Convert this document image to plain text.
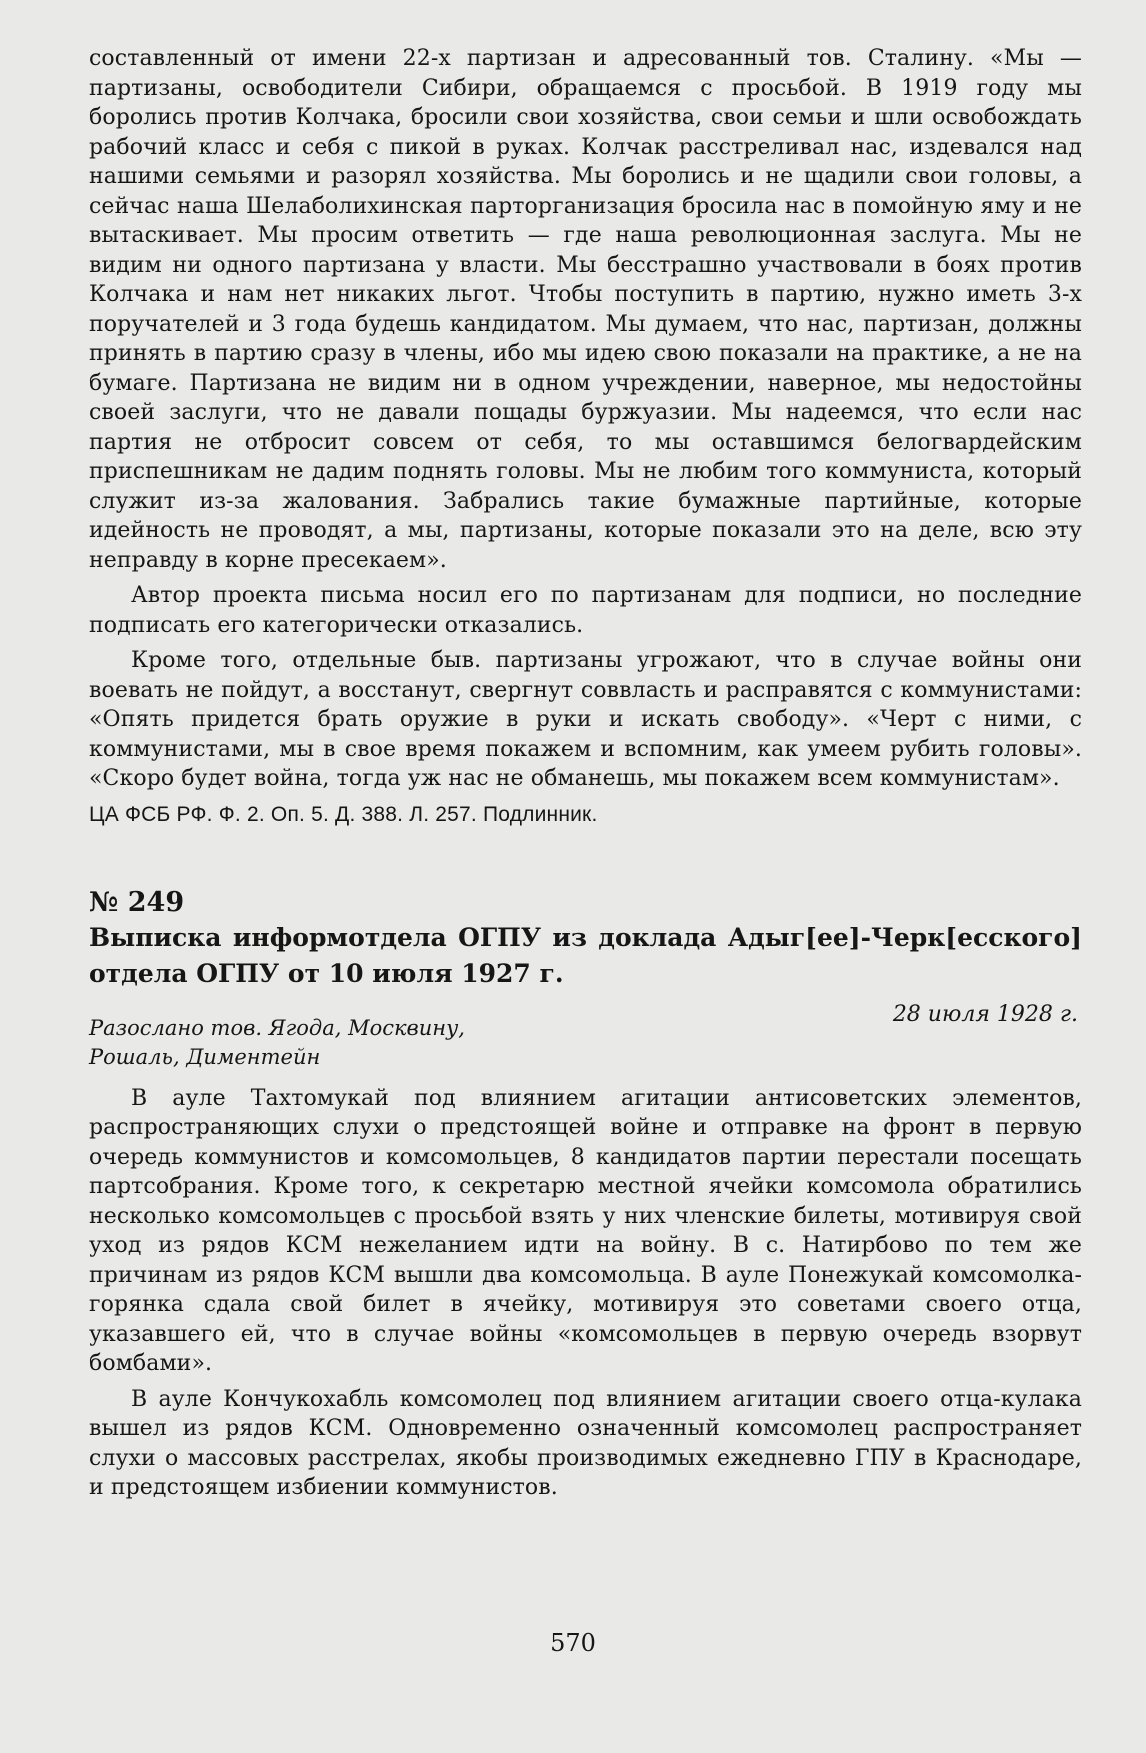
составленный от имени 22-х партизан и адресованный тов. Сталину. «Мы — партизаны, освободители Сибири, обращаемся с просьбой. В 1919 году мы боролись против Колчака, бросили свои хозяйства, свои семьи и шли освобождать рабочий класс и себя с пикой в руках. Колчак расстреливал нас, издевался над нашими семьями и разорял хозяйства. Мы боролись и не щадили свои головы, а сейчас наша Шелаболихинская парторганизация бросила нас в помойную яму и не вытаскивает. Мы просим ответить — где наша революционная заслуга. Мы не видим ни одного партизана у власти. Мы бесстрашно участвовали в боях против Колчака и нам нет никаких льгот. Чтобы поступить в партию, нужно иметь 3-х поручателей и 3 года будешь кандидатом. Мы думаем, что нас, партизан, должны принять в партию сразу в члены, ибо мы идею свою показали на практике, а не на бумаге. Партизана не видим ни в одном учреждении, наверное, мы недостойны своей заслуги, что не давали пощады буржуазии. Мы надеемся, что если нас партия не отбросит совсем от себя, то мы оставшимся белогвардейским приспешникам не дадим поднять головы. Мы не любим того коммуниста, который служит из-за жалования. Забрались такие бумажные партийные, которые идейность не проводят, а мы, партизаны, которые показали это на деле, всю эту неправду в корне пресекаем».

Автор проекта письма носил его по партизанам для подписи, но последние подписать его категорически отказались.

Кроме того, отдельные быв. партизаны угрожают, что в случае войны они воевать не пойдут, а восстанут, свергнут соввласть и расправятся с коммунистами: «Опять придется брать оружие в руки и искать свободу». «Черт с ними, с коммунистами, мы в свое время покажем и вспомним, как умеем рубить головы». «Скоро будет война, тогда уж нас не обманешь, мы покажем всем коммунистам».

ЦА ФСБ РФ. Ф. 2. Оп. 5. Д. 388. Л. 257. Подлинник.
№ 249
Выписка информотдела ОГПУ из доклада Адыг[ее]-Черк[есского] отдела ОГПУ от 10 июля 1927 г.
28 июля 1928 г.
Разослано тов. Ягода, Москвину,
Рошаль, Диментейн

В ауле Тахтомукай под влиянием агитации антисоветских элементов, распространяющих слухи о предстоящей войне и отправке на фронт в первую очередь коммунистов и комсомольцев, 8 кандидатов партии перестали посещать партсобрания. Кроме того, к секретарю местной ячейки комсомола обратились несколько комсомольцев с просьбой взять у них членские билеты, мотивируя свой уход из рядов КСМ нежеланием идти на войну. В с. Натирбово по тем же причинам из рядов КСМ вышли два комсомольца. В ауле Понежукай комсомолка-горянка сдала свой билет в ячейку, мотивируя это советами своего отца, указавшего ей, что в случае войны «комсомольцев в первую очередь взорвут бомбами».

В ауле Кончукохабль комсомолец под влиянием агитации своего отца-кулака вышел из рядов КСМ. Одновременно означенный комсомолец распространяет слухи о массовых расстрелах, якобы производимых ежедневно ГПУ в Краснодаре, и предстоящем избиении коммунистов.

570
